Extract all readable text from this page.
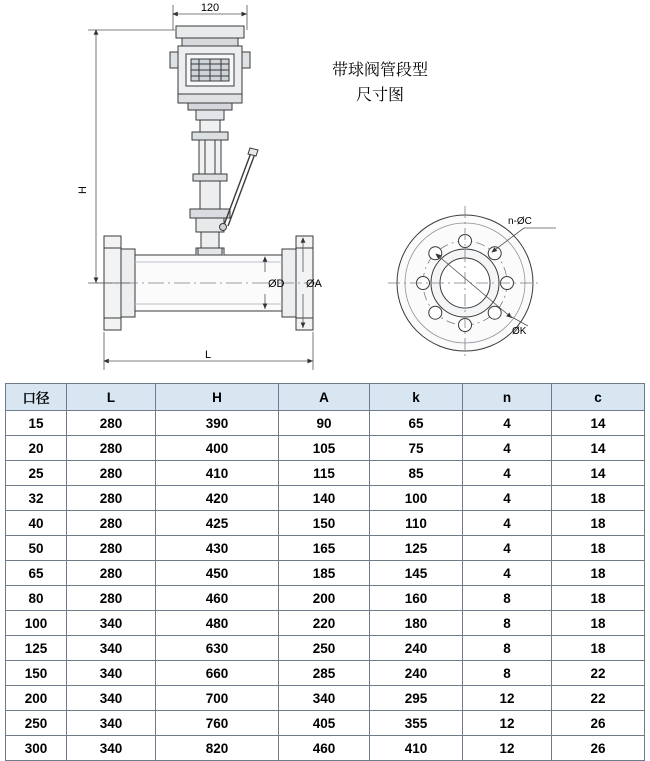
120
H
L
ØD ØA
n-ØC
ØK
带球阀管段型
尺寸图
口径	L	H	A	k	n	c
15	280	390	90	65	4	14
20	280	400	105	75	4	14
25	280	410	115	85	4	14
32	280	420	140	100	4	18
40	280	425	150	110	4	18
50	280	430	165	125	4	18
65	280	450	185	145	4	18
80	280	460	200	160	8	18
100	340	480	220	180	8	18
125	340	630	250	240	8	18
150	340	660	285	240	8	22
200	340	700	340	295	12	22
250	340	760	405	355	12	26
300	340	820	460	410	12	26
